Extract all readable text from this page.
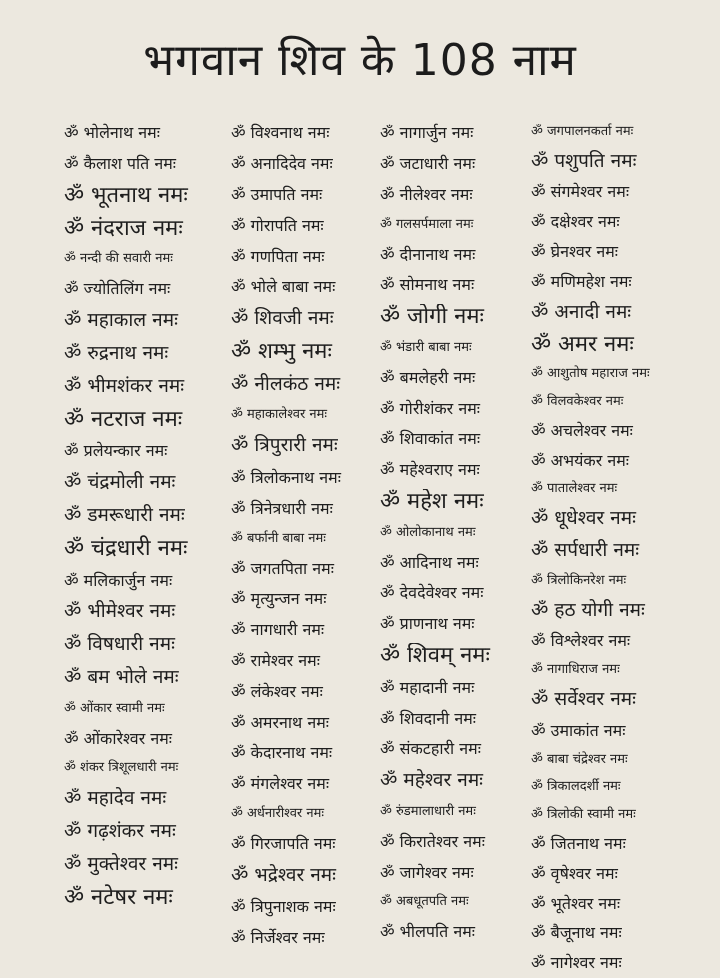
भगवान शिव के 108 नाम
ॐ भोलेनाथ नमः
ॐ कैलाश पति नमः
ॐ भूतनाथ नमः
ॐ नंदराज नमः
ॐ नन्दी की सवारी नमः
ॐ ज्योतिलिंग नमः
ॐ महाकाल नमः
ॐ रुद्रनाथ नमः
ॐ भीमशंकर नमः
ॐ नटराज नमः
ॐ प्रलेयन्कार नमः
ॐ चंद्रमोली नमः
ॐ डमरूधारी नमः
ॐ चंद्रधारी नमः
ॐ मलिकार्जुन नमः
ॐ भीमेश्वर नमः
ॐ विषधारी नमः
ॐ बम भोले नमः
ॐ ओंकार स्वामी नमः
ॐ ओंकारेश्वर नमः
ॐ शंकर त्रिशूलधारी नमः
ॐ महादेव नमः
ॐ गढ़शंकर नमः
ॐ मुक्तेश्वर नमः
ॐ नटेषर नमः
ॐ विश्वनाथ नमः
ॐ अनादिदेव नमः
ॐ उमापति नमः
ॐ गोरापति नमः
ॐ गणपिता नमः
ॐ भोले बाबा नमः
ॐ शिवजी नमः
ॐ शम्भु नमः
ॐ नीलकंठ नमः
ॐ महाकालेश्वर नमः
ॐ त्रिपुरारी नमः
ॐ त्रिलोकनाथ नमः
ॐ त्रिनेत्रधारी नमः
ॐ बर्फानी बाबा नमः
ॐ जगतपिता नमः
ॐ मृत्युन्जन नमः
ॐ नागधारी नमः
ॐ रामेश्वर नमः
ॐ लंकेश्वर नमः
ॐ अमरनाथ नमः
ॐ केदारनाथ नमः
ॐ मंगलेश्वर नमः
ॐ अर्धनारीश्वर नमः
ॐ गिरजापति नमः
ॐ भद्रेश्वर नमः
ॐ त्रिपुनाशक नमः
ॐ निर्जेश्वर नमः
ॐ नागार्जुन नमः
ॐ जटाधारी नमः
ॐ नीलेश्वर नमः
ॐ गलसर्पमाला नमः
ॐ दीनानाथ नमः
ॐ सोमनाथ नमः
ॐ जोगी नमः
ॐ भंडारी बाबा नमः
ॐ बमलेहरी नमः
ॐ गोरीशंकर नमः
ॐ शिवाकांत नमः
ॐ महेश्वराए नमः
ॐ महेश नमः
ॐ ओलोकानाथ नमः
ॐ आदिनाथ नमः
ॐ देवदेवेश्वर नमः
ॐ प्राणनाथ नमः
ॐ शिवम् नमः
ॐ महादानी नमः
ॐ शिवदानी नमः
ॐ संकटहारी नमः
ॐ महेश्वर नमः
ॐ रुंडमालाधारी नमः
ॐ किरातेश्वर नमः
ॐ जागेश्वर नमः
ॐ अबधूतपति नमः
ॐ भीलपति नमः
ॐ जगपालनकर्ता नमः
ॐ पशुपति नमः
ॐ संगमेश्वर नमः
ॐ दक्षेश्वर नमः
ॐ घ्रेनश्वर नमः
ॐ मणिमहेश नमः
ॐ अनादी नमः
ॐ अमर नमः
ॐ आशुतोष महाराज नमः
ॐ विलवकेश्वर नमः
ॐ अचलेश्वर नमः
ॐ अभयंकर नमः
ॐ पातालेश्वर नमः
ॐ धूधेश्वर नमः
ॐ सर्पधारी नमः
ॐ त्रिलोकिनरेश नमः
ॐ हठ योगी नमः
ॐ विश्लेश्वर नमः
ॐ नागाधिराज नमः
ॐ सर्वेश्वर नमः
ॐ उमाकांत नमः
ॐ बाबा चंद्रेश्वर नमः
ॐ त्रिकालदर्शी नमः
ॐ त्रिलोकी स्वामी नमः
ॐ जितनाथ नमः
ॐ वृषेश्वर नमः
ॐ भूतेश्वर नमः
ॐ बैजूनाथ नमः
ॐ नागेश्वर नमः
